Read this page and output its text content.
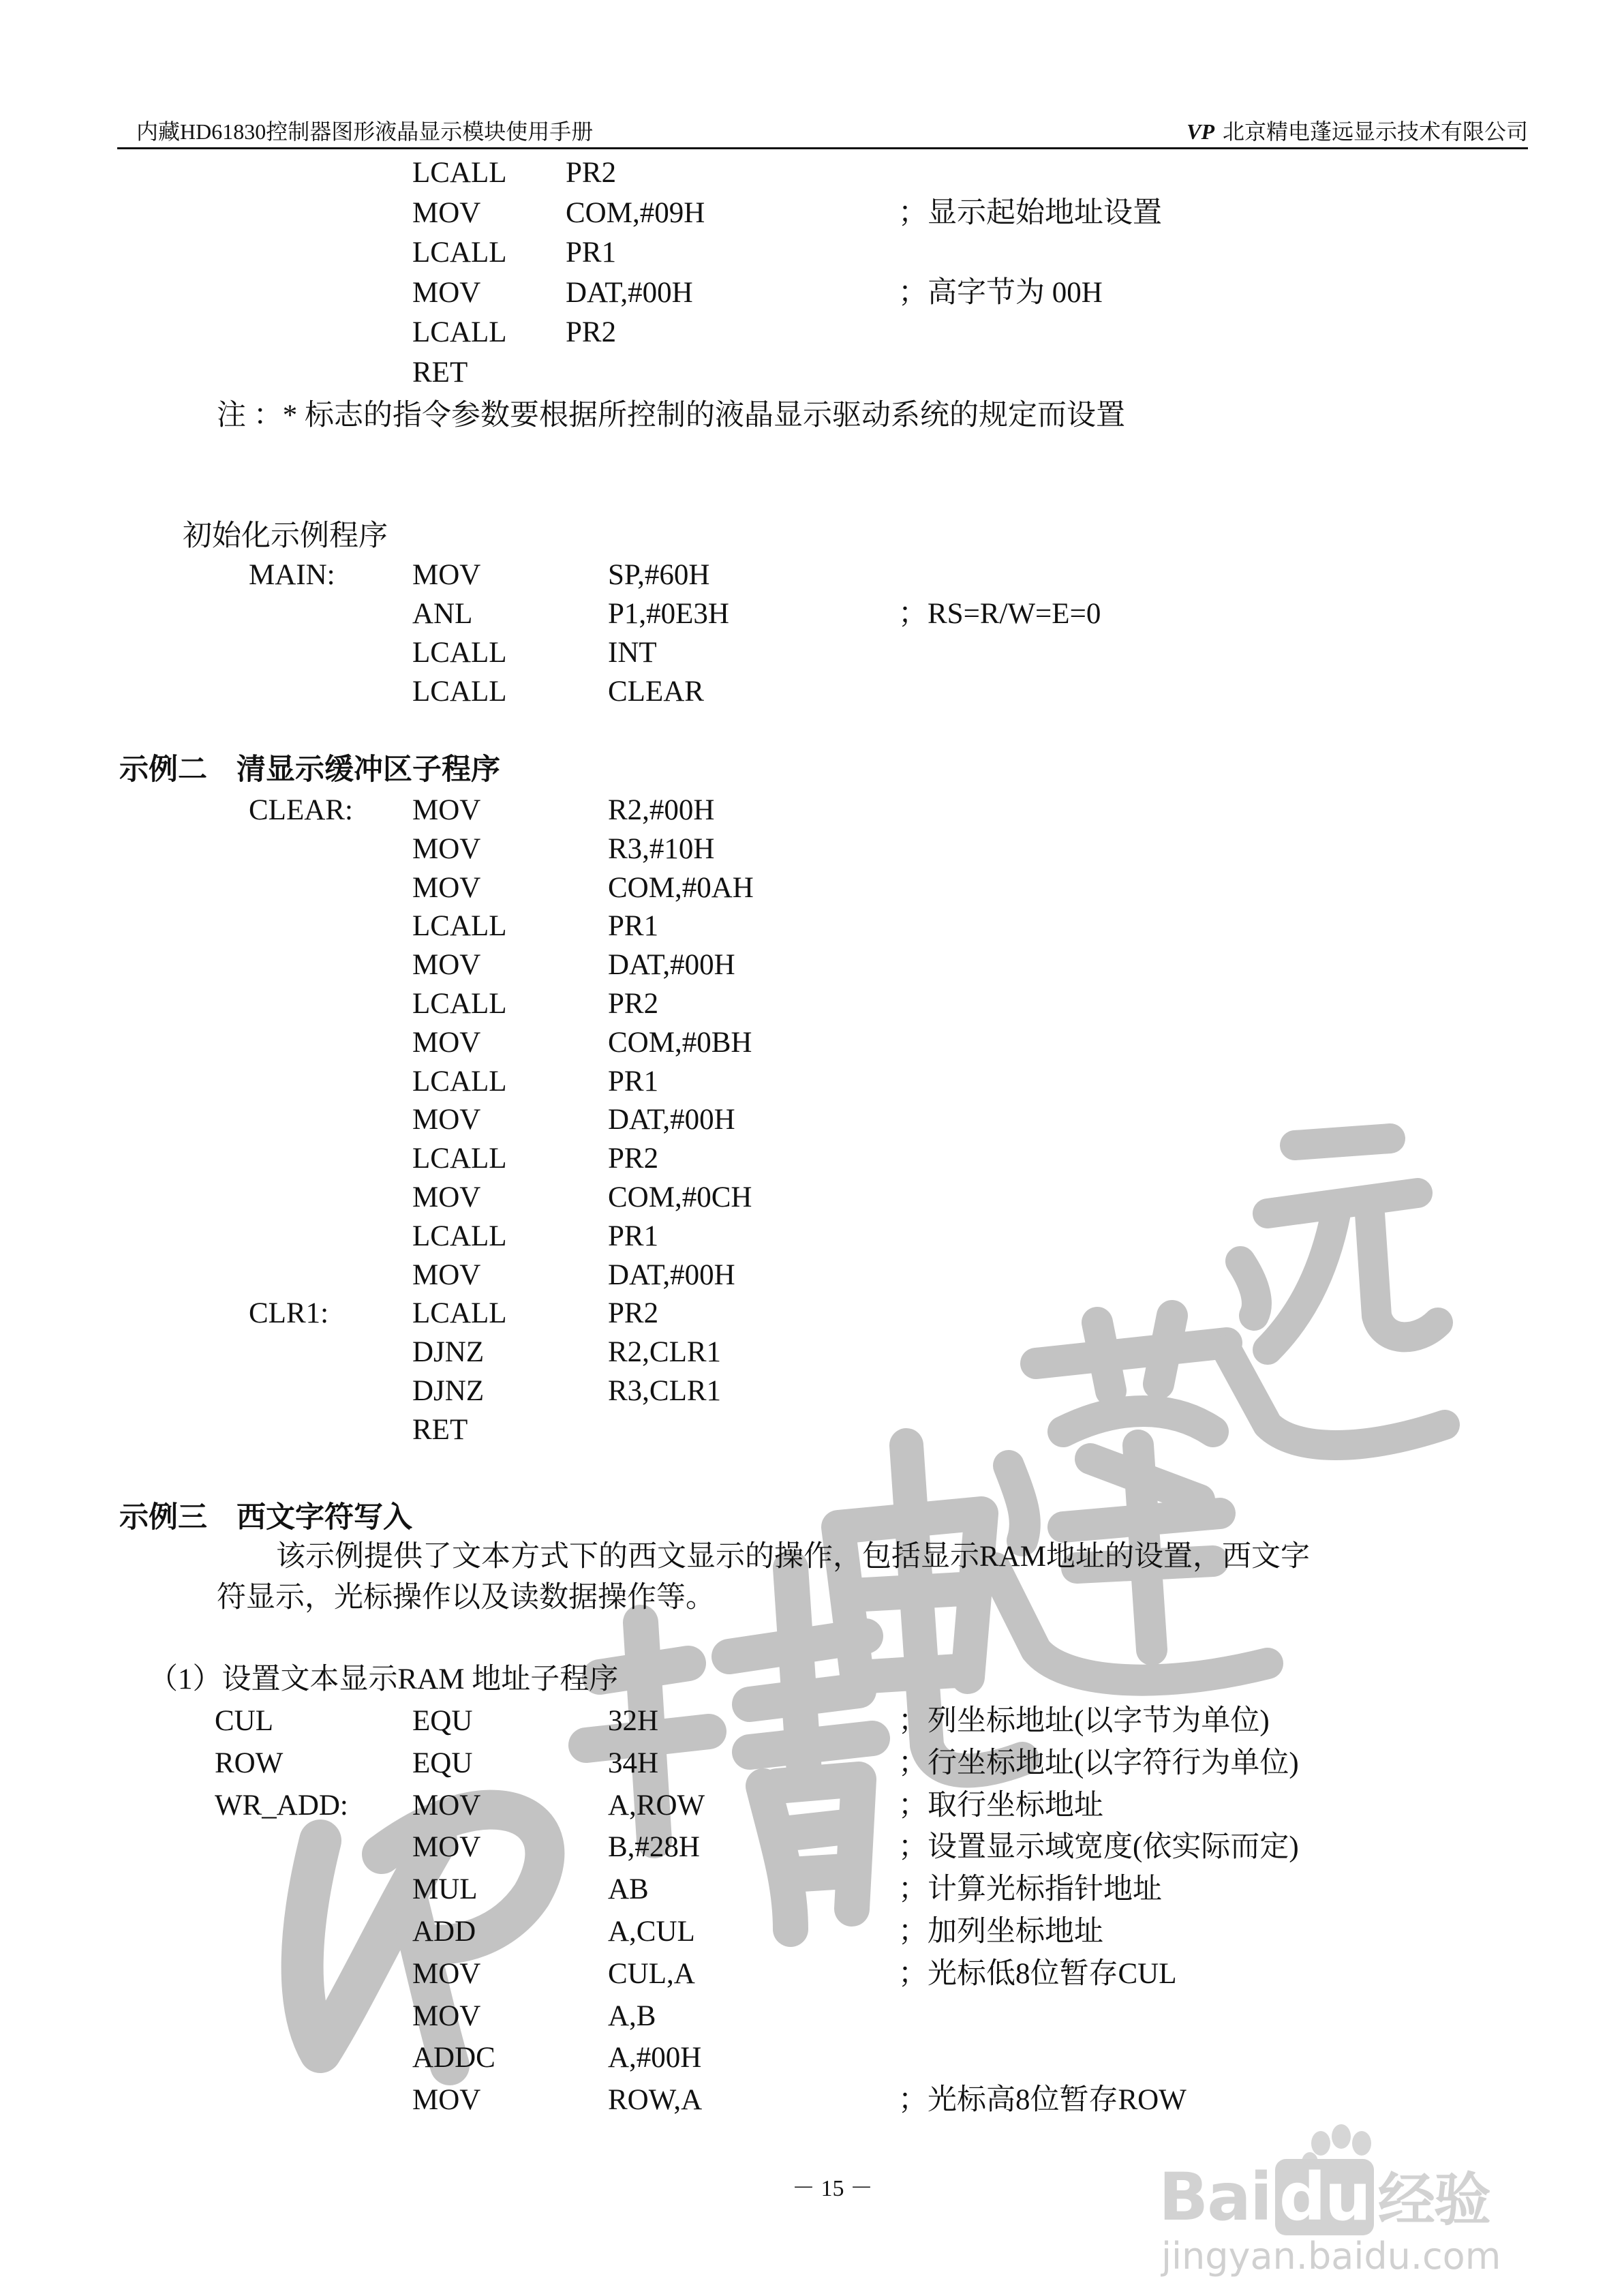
内藏HD61830控制器图形液晶显示模块使用手册	VP 北京精电蓬远显示技术有限公司
LCALL PR2
MOV	COM,#09H	；显示起始地址设置
LCALL PR1
MOV	DAT,#00H	；高字节为 00H
LCALL PR2
RET
注 ：* 标志的指令参数要根据所控制的液晶显示驱动系统的规定而设置
初始化示例程序
MAIN:	MOV	SP,#60H
ANL	P1,#0E3H	；RS=R/W=E=0
LCALL	INT
LCALL	CLEAR
示例二　清显示缓冲区子程序
CLEAR: MOV	R2,#00H
MOV	R3,#10H
MOV	COM,#0AH
LCALL	PR1
MOV	DAT,#00H
LCALL	PR2
MOV	COM,#0BH
LCALL	PR1
MOV	DAT,#00H
LCALL	PR2
MOV	COM,#0CH
LCALL	PR1
MOV	DAT,#00H
CLR1:	LCALL	PR2
DJNZ	R2,CLR1
DJNZ	R3,CLR1
RET
示例三　西文字符写入
该示例提供了文本方式下的西文显示的操作，包括显示RAM地址的设置，西文字
符显示，光标操作以及读数据操作等。
（1）设置文本显示RAM 地址子程序
CUL	EQU	32H	；列坐标地址(以字节为单位)
ROW	EQU	34H	；行坐标地址(以字符行为单位)
WR_ADD: MOV	A,ROW	；取行坐标地址
MOV	B,#28H	；设置显示域宽度(依实际而定)
MUL	AB	；计算光标指针地址
ADD	A,CUL	；加列坐标地址
MOV	CUL,A	；光标低8位暂存CUL
MOV	A,B
ADDC	A,#00H
MOV	ROW,A	；光标高8位暂存ROW
－ 15 －	Bai du 经验
jingyan.baidu.com
